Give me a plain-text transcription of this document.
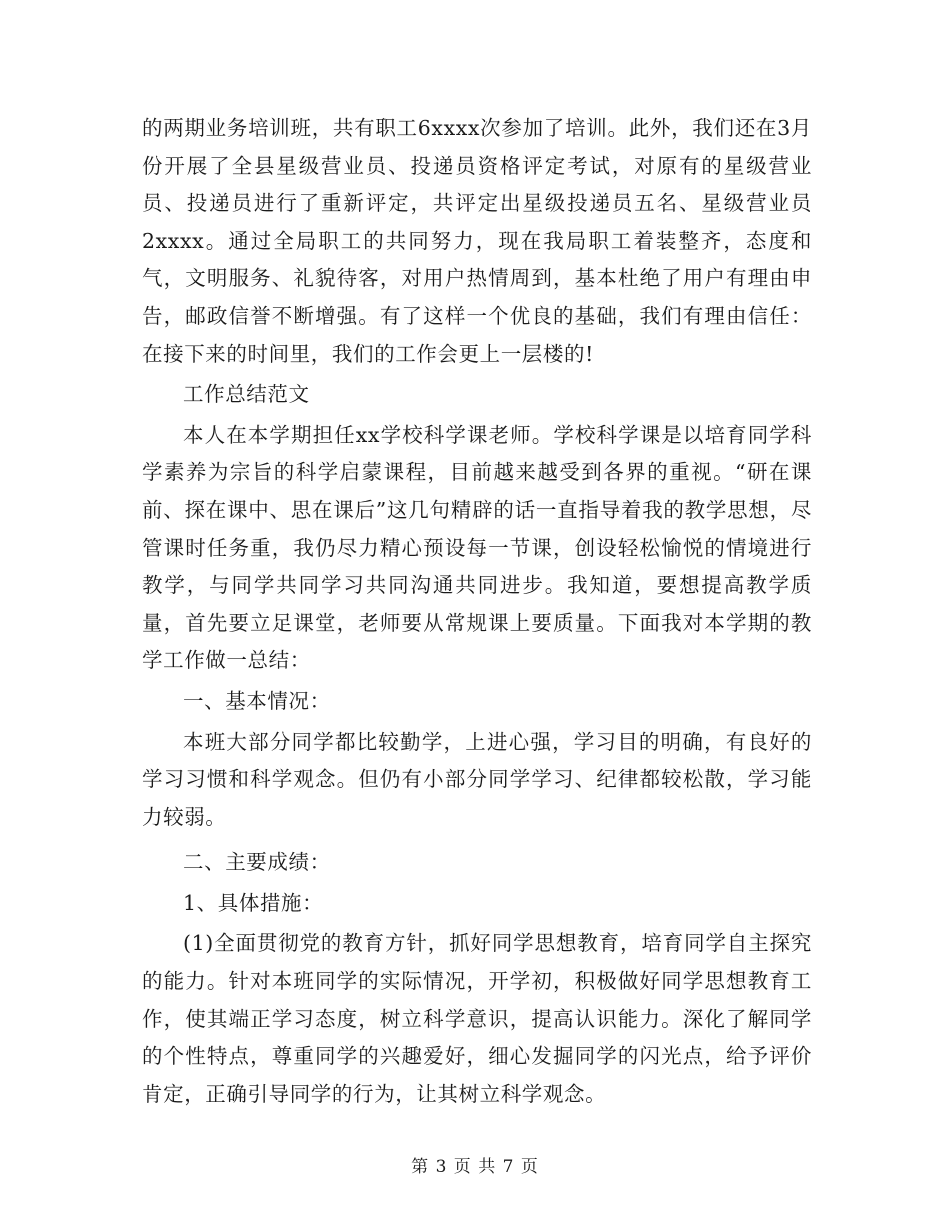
的两期业务培训班，共有职工6xxxx次参加了培训。此外，我们还在3月份开展了全县星级营业员、投递员资格评定考试，对原有的星级营业员、投递员进行了重新评定，共评定出星级投递员五名、星级营业员2xxxx。通过全局职工的共同努力，现在我局职工着装整齐，态度和气，文明服务、礼貌待客，对用户热情周到，基本杜绝了用户有理由申告，邮政信誉不断增强。有了这样一个优良的基础，我们有理由信任：在接下来的时间里，我们的工作会更上一层楼的!

工作总结范文

本人在本学期担任xx学校科学课老师。学校科学课是以培育同学科学素养为宗旨的科学启蒙课程，目前越来越受到各界的重视。“研在课前、探在课中、思在课后”这几句精辟的话一直指导着我的教学思想，尽管课时任务重，我仍尽力精心预设每一节课，创设轻松愉悦的情境进行教学，与同学共同学习共同沟通共同进步。我知道，要想提高教学质量，首先要立足课堂，老师要从常规课上要质量。下面我对本学期的教学工作做一总结：

一、基本情况：

本班大部分同学都比较勤学，上进心强，学习目的明确，有良好的学习习惯和科学观念。但仍有小部分同学学习、纪律都较松散，学习能力较弱。

二、主要成绩：

1、具体措施：

(1)全面贯彻党的教育方针，抓好同学思想教育，培育同学自主探究的能力。针对本班同学的实际情况，开学初，积极做好同学思想教育工作，使其端正学习态度，树立科学意识，提高认识能力。深化了解同学的个性特点，尊重同学的兴趣爱好，细心发掘同学的闪光点，给予评价肯定，正确引导同学的行为，让其树立科学观念。

第 3 页 共 7 页
